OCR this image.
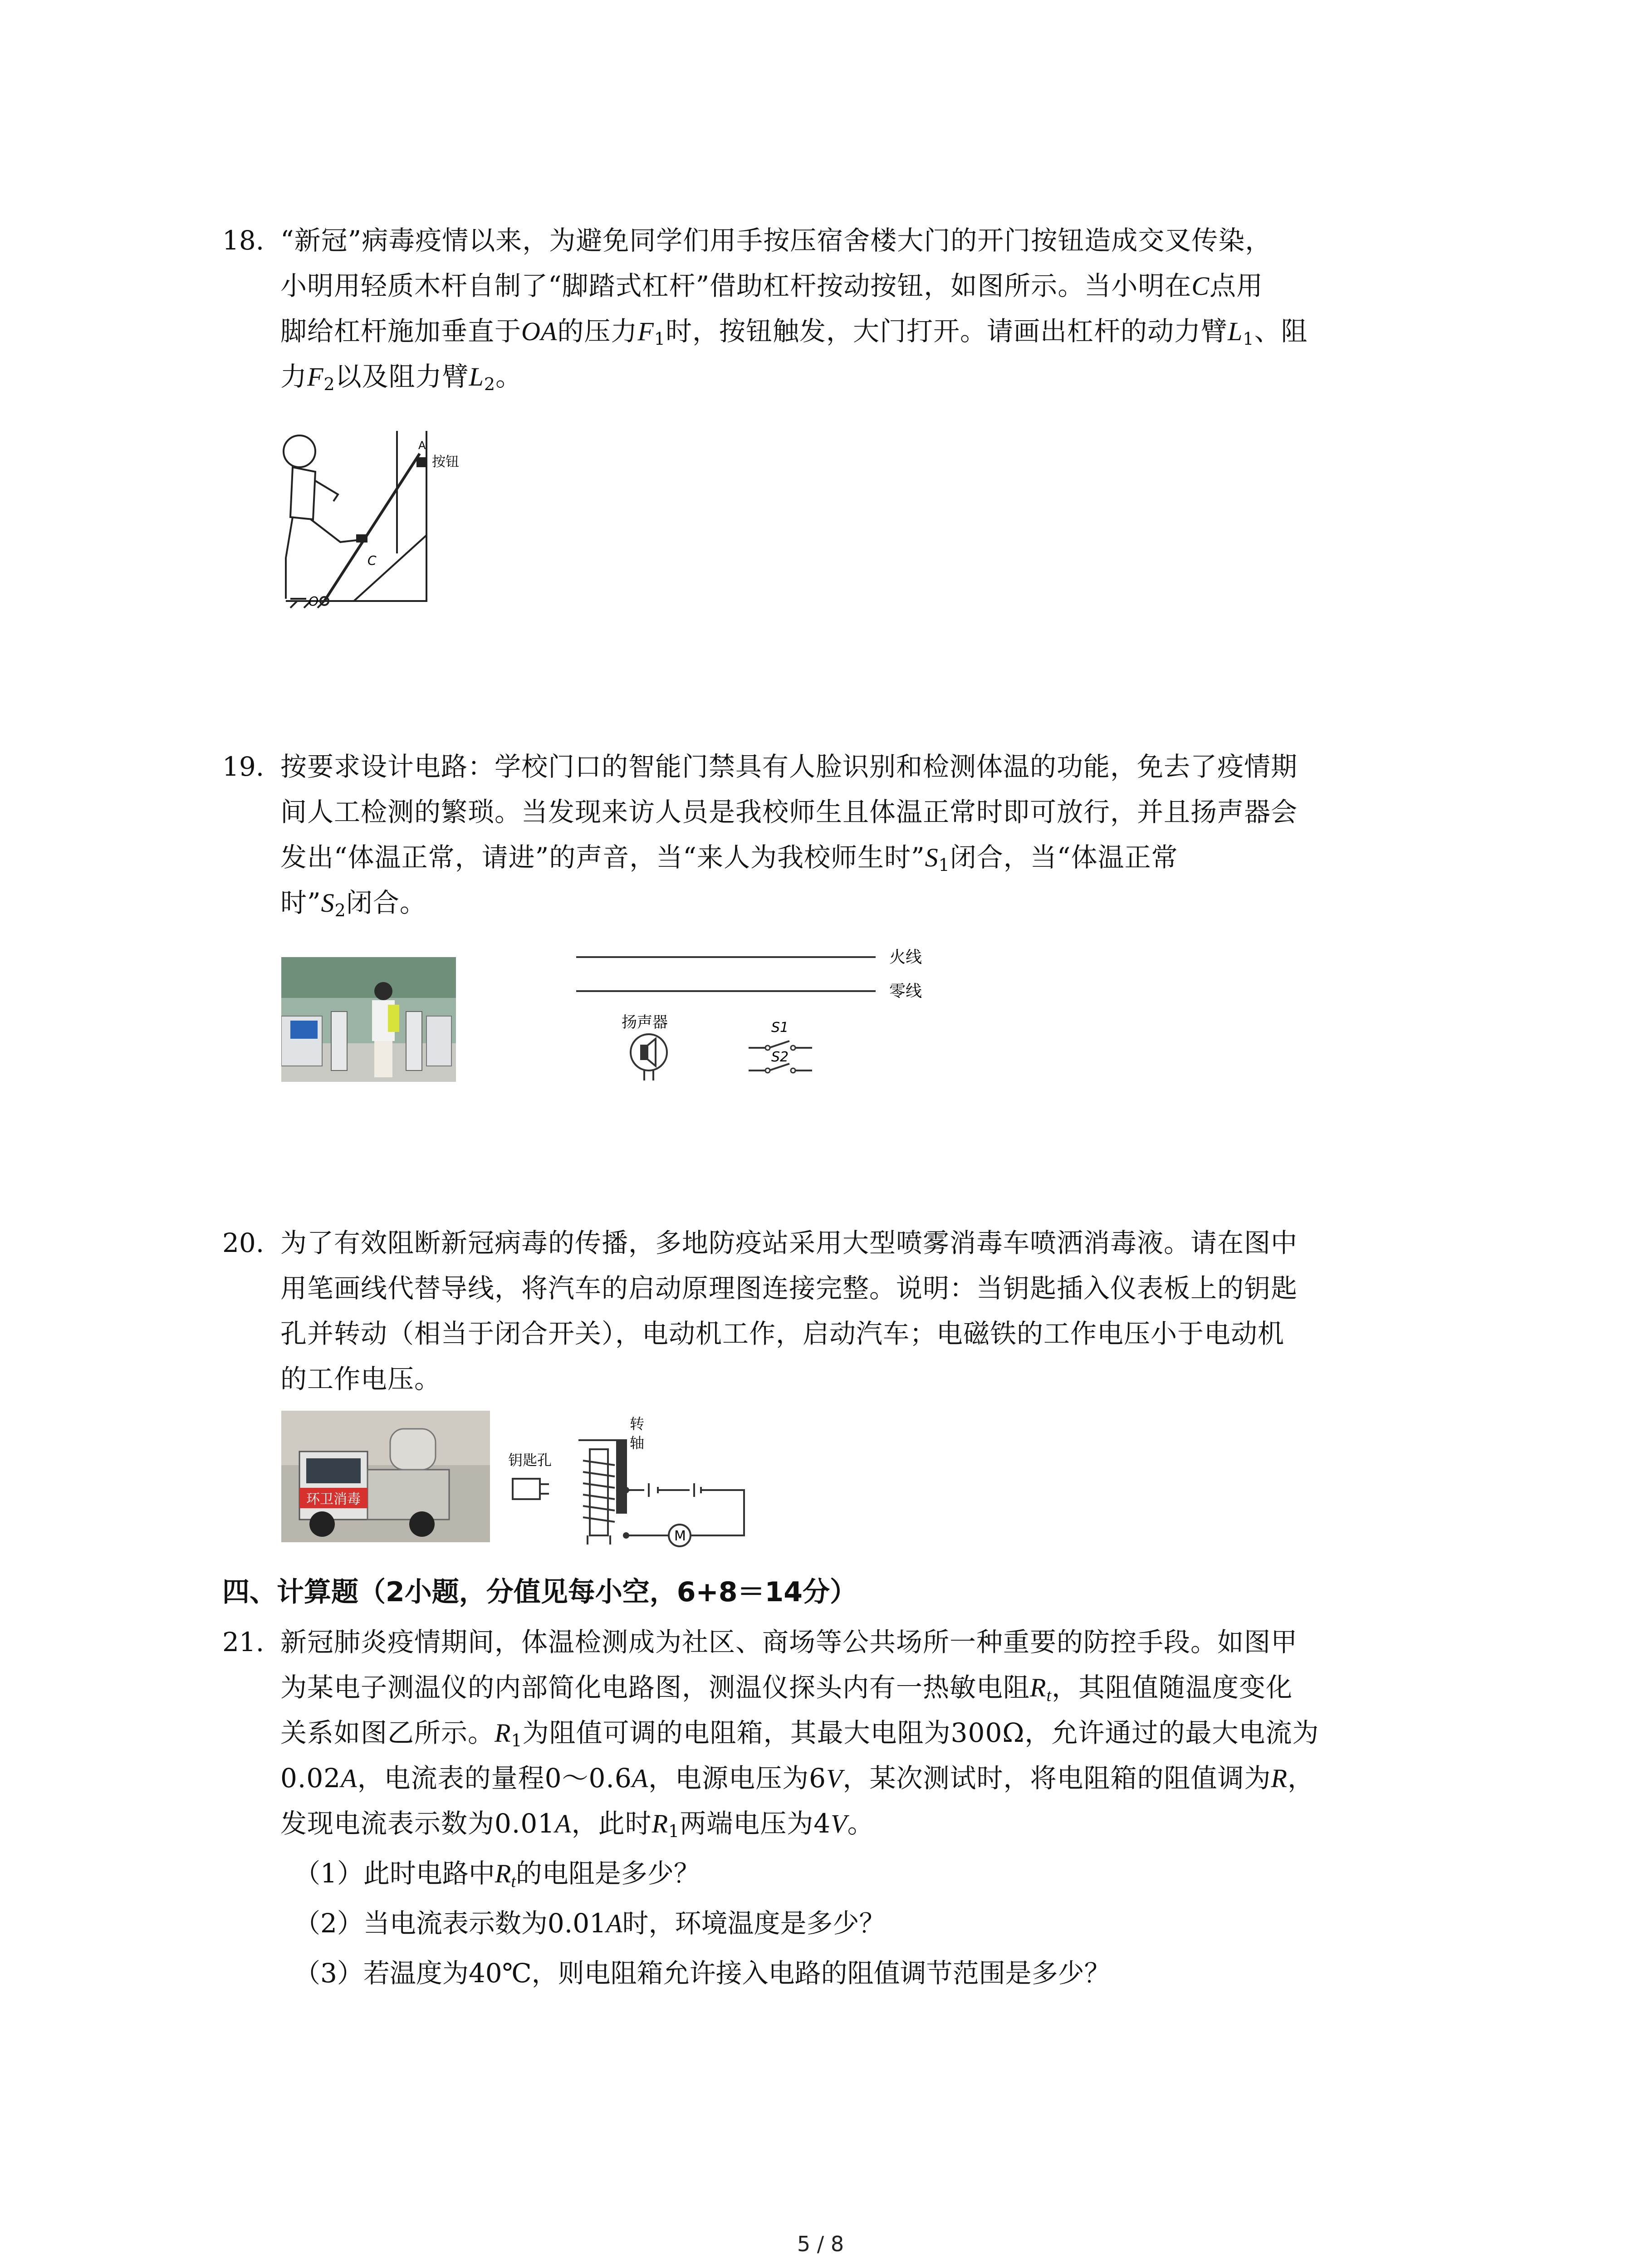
18. “新冠”病毒疫情以来，为避免同学们用手按压宿舍楼大门的开门按钮造成交叉传染，
小明用轻质木杆自制了“脚踏式杠杆”借助杠杆按动按钮，如图所示。当小明在C点用
脚给杠杆施加垂直于OA的压力$F_1$时，按钮触发，大门打开。请画出杠杆的动力臂$L_1$、阻
力$F_2$以及阻力臂$L_2$。
A
按钮
C
O
19. 按要求设计电路：学校门口的智能门禁具有人脸识别和检测体温的功能，免去了疫情期
间人工检测的繁琐。当发现来访人员是我校师生且体温正常时即可放行，并且扬声器会
发出“体温正常，请进”的声音，当“来人为我校师生时$”S_1$闭合，当“体温正常
时$”S_2$闭合。
火线
零线
扬声器	S1
S2
20. 为了有效阻断新冠病毒的传播，多地防疫站采用大型喷雾消毒车喷洒消毒液。请在图中
用笔画线代替导线，将汽车的启动原理图连接完整。说明：当钥匙插入仪表板上的钥匙
孔并转动（相当于闭合开关），电动机工作，启动汽车；电磁铁的工作电压小于电动机
的工作电压。
环卫消毒
M
钥匙孔
转
轴
四、计算题（2小题，分值见每小空，6+8＝14分）
21. 新冠肺炎疫情期间，体温检测成为社区、商场等公共场所一种重要的防控手段。如图甲
为某电子测温仪的内部简化电路图，测温仪探头内有一热敏电阻$R_t$，其阻值随温度变化
关系如图乙所示。$R_1$为阻值可调的电阻箱，其最大电阻为300Ω，允许通过的最大电流为
0.02A，电流表的量程0～0.6A，电源电压为6V，某次测试时，将电阻箱的阻值调为R，
发现电流表示数为0.01A，此时$R_1$两端电压为4V。
（1）此时电路中$R_t$的电阻是多少？
（2）当电流表示数为0.01A时，环境温度是多少？
（3）若温度为40℃，则电阻箱允许接入电路的阻值调节范围是多少？
5 / 8
